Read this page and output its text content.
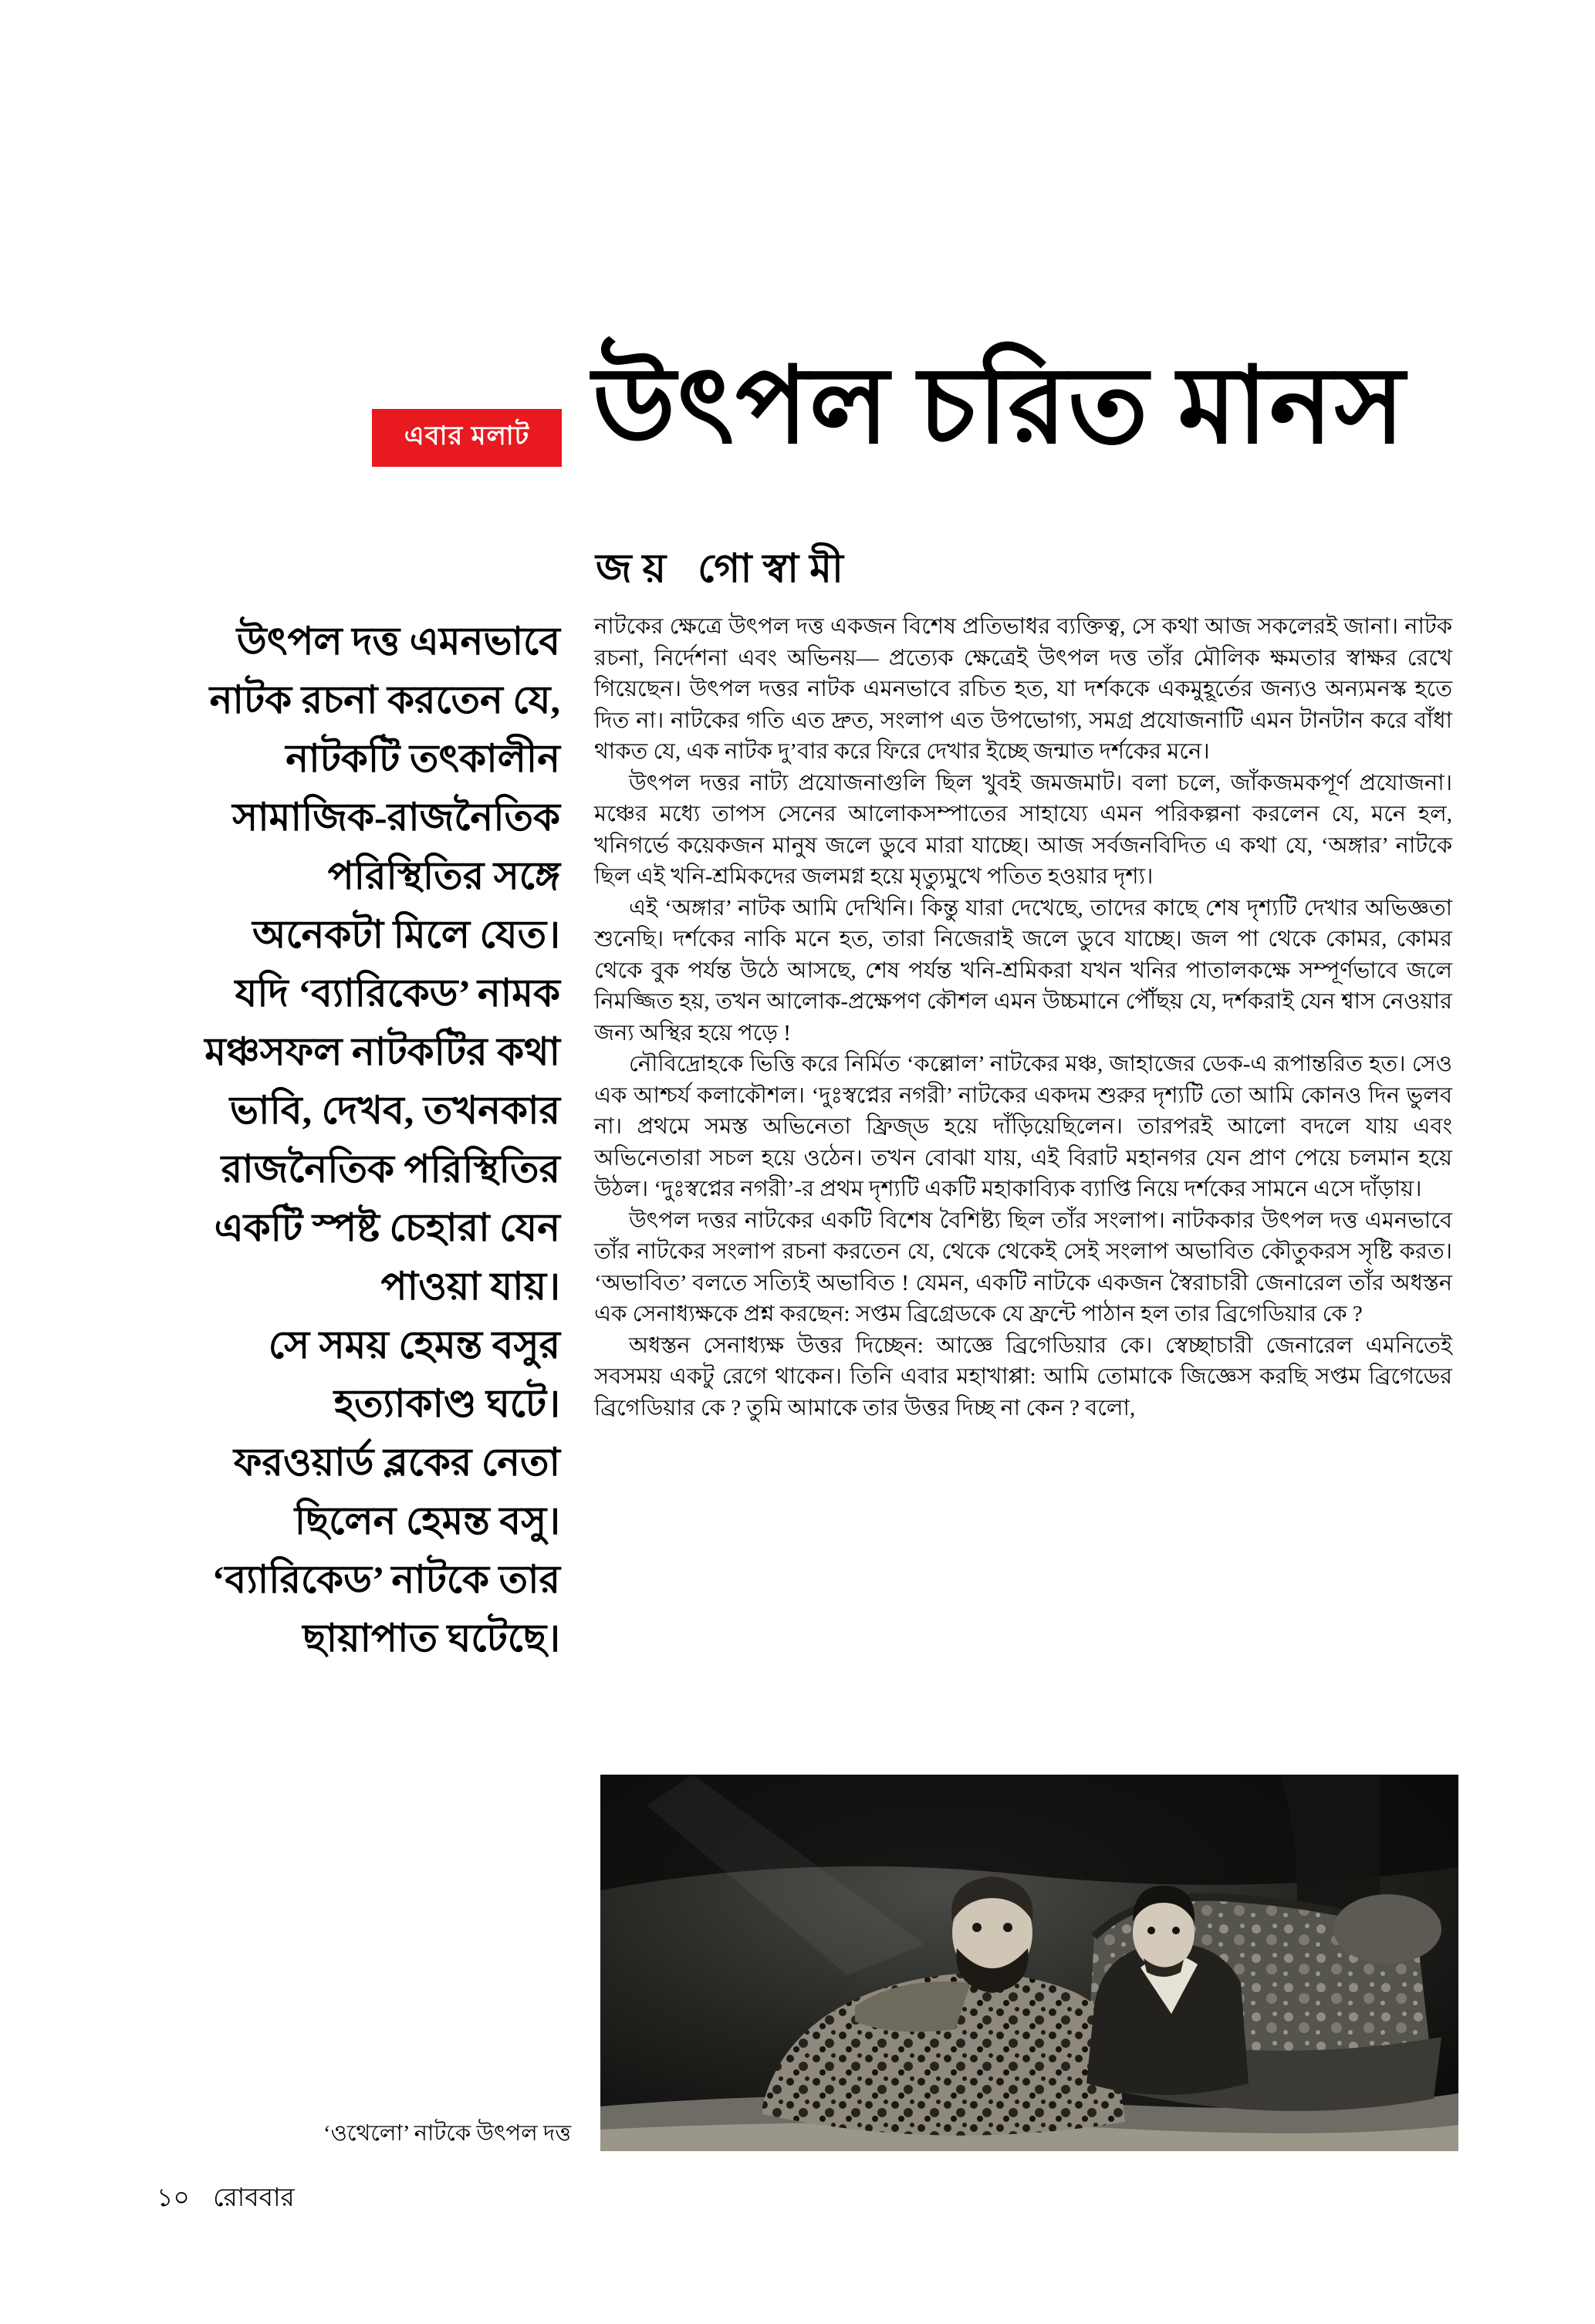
এবার মলাট উৎপল চরিত মানস
জয় গোস্বামী
উৎপল দত্ত এমনভাবে
নাটক রচনা করতেন যে,
নাটকটি তৎকালীন
সামাজিক-রাজনৈতিক
পরিস্থিতির সঙ্গে
অনেকটা মিলে যেত।
যদি ‘ব্যারিকেড’ নামক
মঞ্চসফল নাটকটির কথা
ভাবি, দেখব, তখনকার
রাজনৈতিক পরিস্থিতির
একটি স্পষ্ট চেহারা যেন
পাওয়া যায়।
সে সময় হেমন্ত বসুর
হত্যাকাণ্ড ঘটে।
ফরওয়ার্ড ব্লকের নেতা
ছিলেন হেমন্ত বসু।
‘ব্যারিকেড’ নাটকে তার
ছায়াপাত ঘটেছে।

নাটকের ক্ষেত্রে উৎপল দত্ত একজন বিশেষ প্রতিভাধর ব্যক্তিত্ব, সে কথা আজ সকলেরই জানা। নাটক রচনা, নির্দেশনা এবং অভিনয়— প্রত্যেক ক্ষেত্রেই উৎপল দত্ত তাঁর মৌলিক ক্ষমতার স্বাক্ষর রেখে গিয়েছেন। উৎপল দত্তর নাটক এমনভাবে রচিত হত, যা দর্শককে একমুহূর্তের জন্যও অন্যমনস্ক হতে দিত না। নাটকের গতি এত দ্রুত, সংলাপ এত উপভোগ্য, সমগ্র প্রযোজনাটি এমন টানটান করে বাঁধা থাকত যে, এক নাটক দু’বার করে ফিরে দেখার ইচ্ছে জন্মাত দর্শকের মনে।

উৎপল দত্তর নাট্য প্রযোজনাগুলি ছিল খুবই জমজমাট। বলা চলে, জাঁকজমকপূর্ণ প্রযোজনা। মঞ্চের মধ্যে তাপস সেনের আলোকসম্পাতের সাহায্যে এমন পরিকল্পনা করলেন যে, মনে হল, খনিগর্ভে কয়েকজন মানুষ জলে ডুবে মারা যাচ্ছে। আজ সর্বজনবিদিত এ কথা যে, ‘অঙ্গার’ নাটকে ছিল এই খনি-শ্রমিকদের জলমগ্ন হয়ে মৃত্যুমুখে পতিত হওয়ার দৃশ্য।

এই ‘অঙ্গার’ নাটক আমি দেখিনি। কিন্তু যারা দেখেছে, তাদের কাছে শেষ দৃশ্যটি দেখার অভিজ্ঞতা শুনেছি। দর্শকের নাকি মনে হত, তারা নিজেরাই জলে ডুবে যাচ্ছে। জল পা থেকে কোমর, কোমর থেকে বুক পর্যন্ত উঠে আসছে, শেষ পর্যন্ত খনি-শ্রমিকরা যখন খনির পাতালকক্ষে সম্পূর্ণভাবে জলে নিমজ্জিত হয়, তখন আলোক-প্রক্ষেপণ কৌশল এমন উচ্চমানে পৌঁছয় যে, দর্শকরাই যেন শ্বাস নেওয়ার জন্য অস্থির হয়ে পড়ে !

নৌবিদ্রোহকে ভিত্তি করে নির্মিত ‘কল্লোল’ নাটকের মঞ্চ, জাহাজের ডেক-এ রূপান্তরিত হত। সেও এক আশ্চর্য কলাকৌশল। ‘দুঃস্বপ্নের নগরী’ নাটকের একদম শুরুর দৃশ্যটি তো আমি কোনও দিন ভুলব না। প্রথমে সমস্ত অভিনেতা ফ্রিজ্‌ড হয়ে দাঁড়িয়েছিলেন। তারপরই আলো বদলে যায় এবং অভিনেতারা সচল হয়ে ওঠেন। তখন বোঝা যায়, এই বিরাট মহানগর যেন প্রাণ পেয়ে চলমান হয়ে উঠল। ‘দুঃস্বপ্নের নগরী’-র প্রথম দৃশ্যটি একটি মহাকাব্যিক ব্যাপ্তি নিয়ে দর্শকের সামনে এসে দাঁড়ায়।

উৎপল দত্তর নাটকের একটি বিশেষ বৈশিষ্ট্য ছিল তাঁর সংলাপ। নাটককার উৎপল দত্ত এমনভাবে তাঁর নাটকের সংলাপ রচনা করতেন যে, থেকে থেকেই সেই সংলাপ অভাবিত কৌতুকরস সৃষ্টি করত। ‘অভাবিত’ বলতে সত্যিই অভাবিত ! যেমন, একটি নাটকে একজন স্বৈরাচারী জেনারেল তাঁর অধস্তন এক সেনাধ্যক্ষকে প্রশ্ন করছেন: সপ্তম ব্রিগ্রেডকে যে ফ্রন্টে পাঠান হল তার ব্রিগেডিয়ার কে ?

অধস্তন সেনাধ্যক্ষ উত্তর দিচ্ছেন: আজ্ঞে ব্রিগেডিয়ার কে। স্বেচ্ছাচারী জেনারেল এমনিতেই সবসময় একটু রেগে থাকেন। তিনি এবার মহাখাপ্পা: আমি তোমাকে জিজ্ঞেস করছি সপ্তম ব্রিগেডের ব্রিগেডিয়ার কে ? তুমি আমাকে তার উত্তর দিচ্ছ না কেন ? বলো,

‘ওথেলো’ নাটকে উৎপল দত্ত
১০ রোববার
